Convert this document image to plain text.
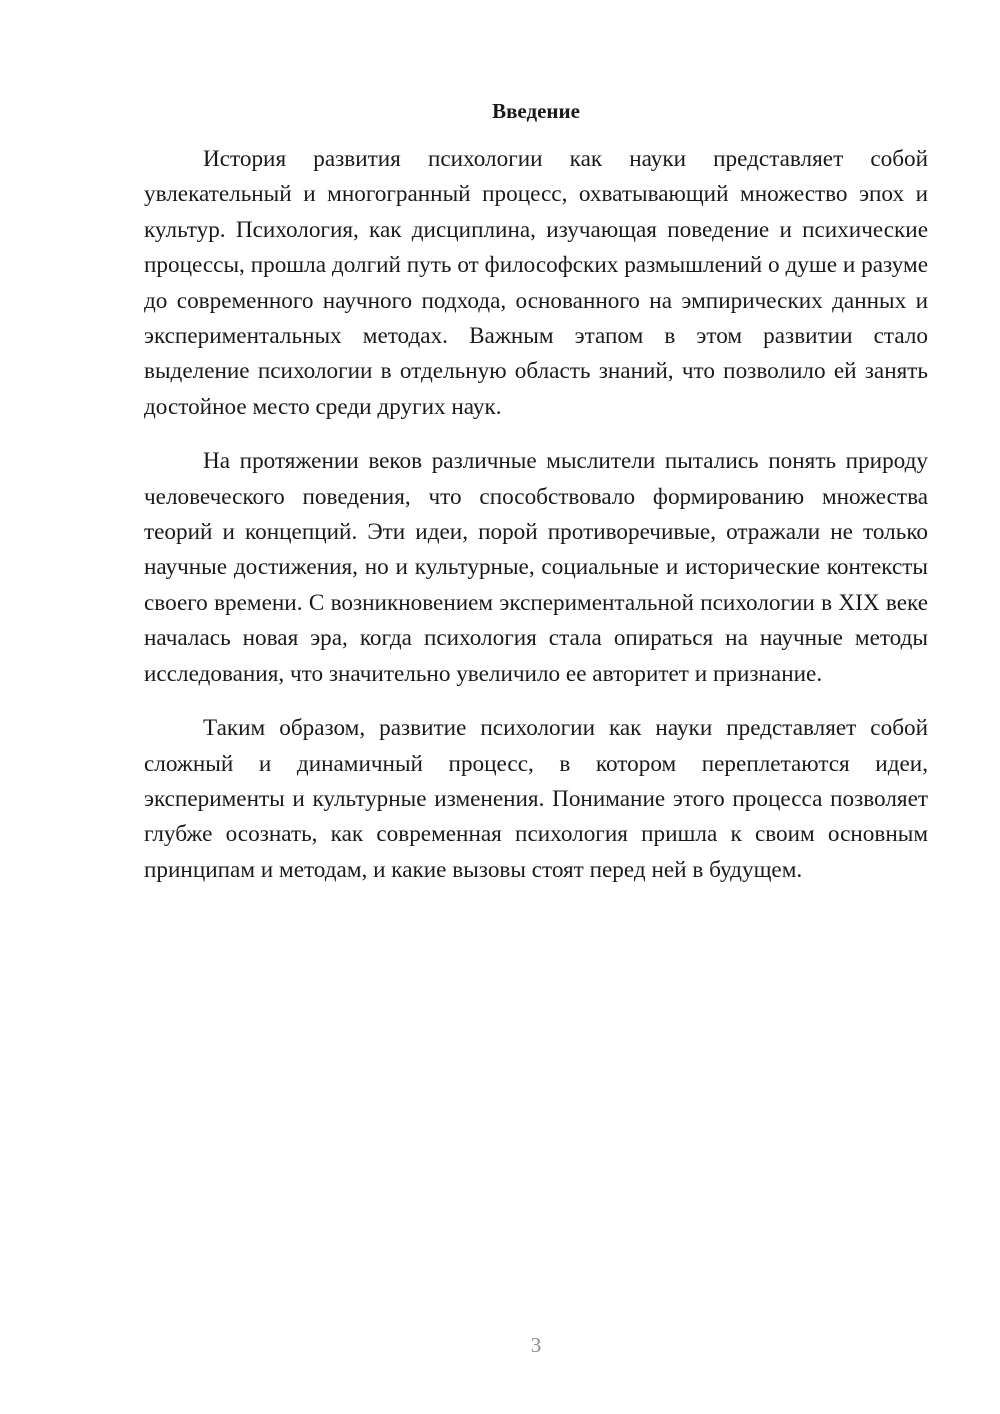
Введение

История развития психологии как науки представляет собой увлекательный и многогранный процесс, охватывающий множество эпох и культур. Психология, как дисциплина, изучающая поведение и психические процессы, прошла долгий путь от философских размышлений о душе и разуме до современного научного подхода, основанного на эмпирических данных и экспериментальных методах. Важным этапом в этом развитии стало выделение психологии в отдельную область знаний, что позволило ей занять достойное место среди других наук.

На протяжении веков различные мыслители пытались понять природу человеческого поведения, что способствовало формированию множества теорий и концепций. Эти идеи, порой противоречивые, отражали не только научные достижения, но и культурные, социальные и исторические контексты своего времени. С возникновением экспериментальной психологии в XIX веке началась новая эра, когда психология стала опираться на научные методы исследования, что значительно увеличило ее авторитет и признание.

Таким образом, развитие психологии как науки представляет собой сложный и динамичный процесс, в котором переплетаются идеи, эксперименты и культурные изменения. Понимание этого процесса позволяет глубже осознать, как современная психология пришла к своим основным принципам и методам, и какие вызовы стоят перед ней в будущем.

3
